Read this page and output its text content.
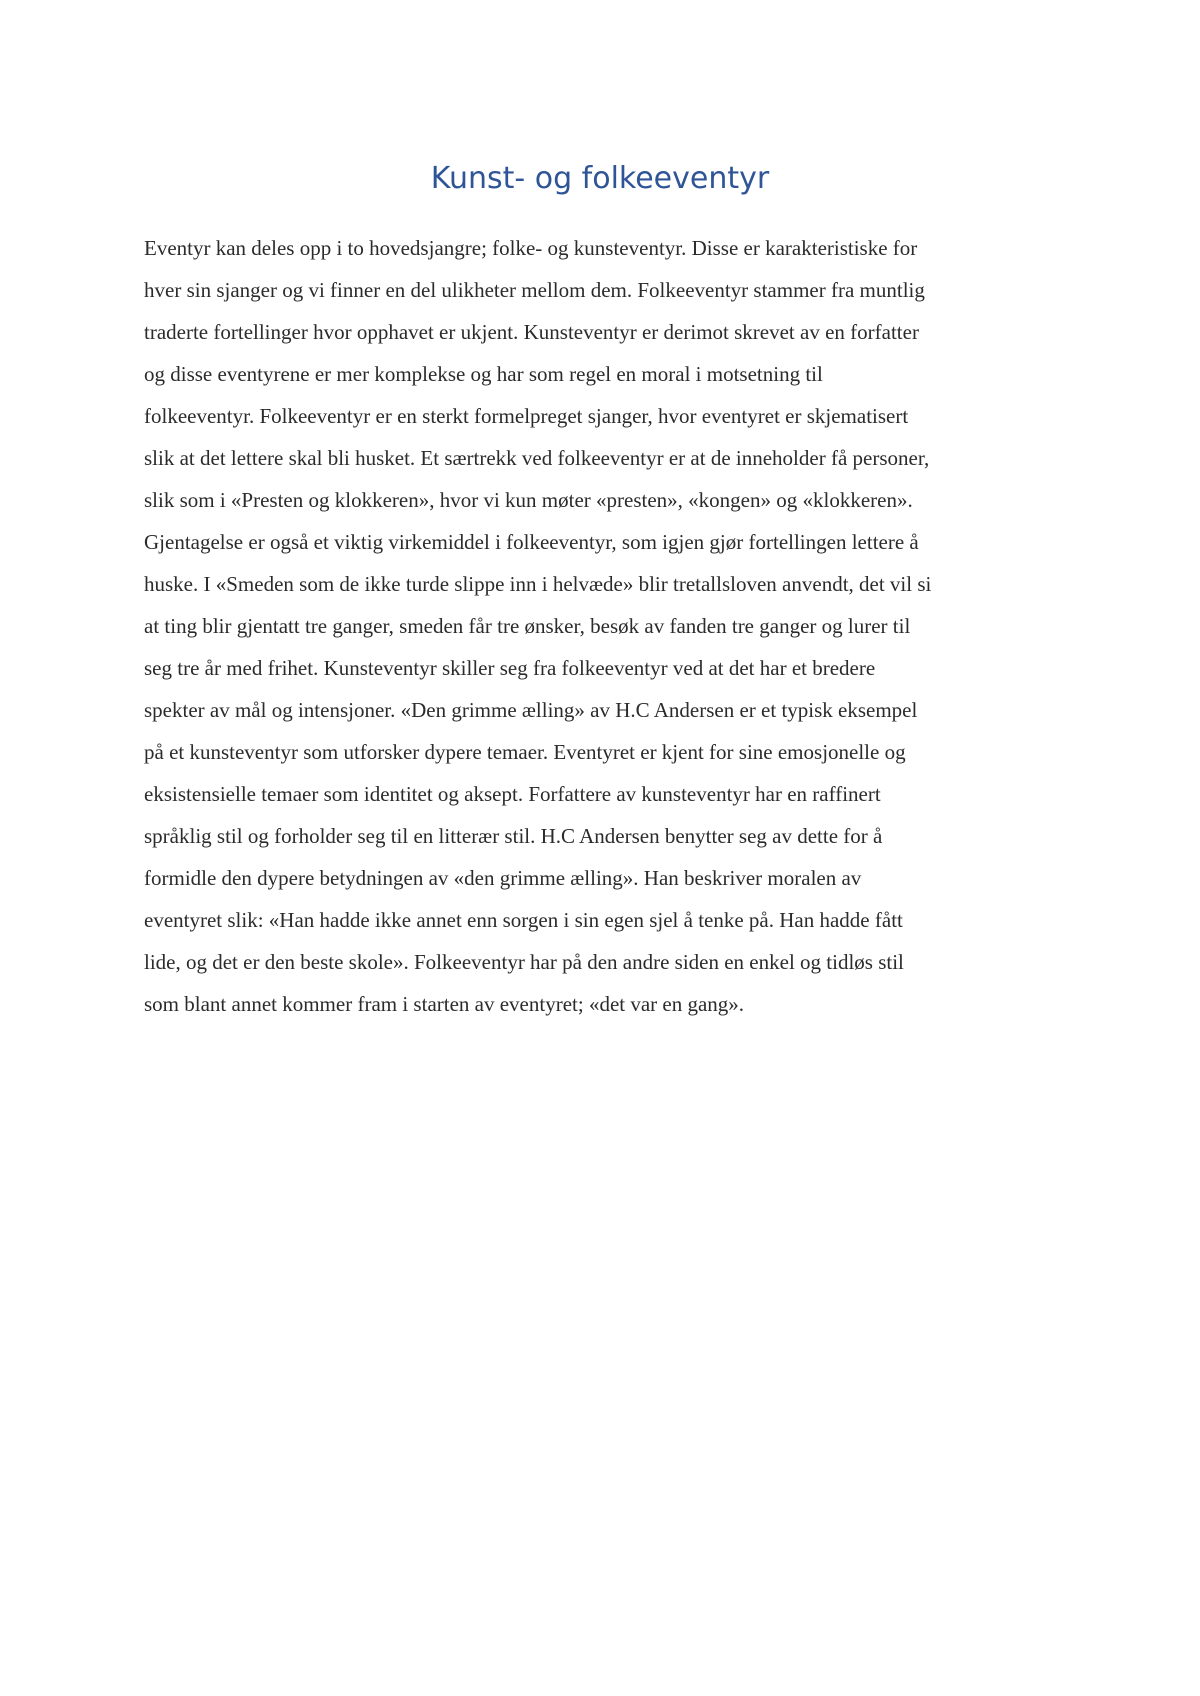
Kunst- og folkeeventyr
Eventyr kan deles opp i to hovedsjangre; folke- og kunsteventyr. Disse er karakteristiske for
hver sin sjanger og vi finner en del ulikheter mellom dem. Folkeeventyr stammer fra muntlig
traderte fortellinger hvor opphavet er ukjent. Kunsteventyr er derimot skrevet av en forfatter
og disse eventyrene er mer komplekse og har som regel en moral i motsetning til
folkeeventyr. Folkeeventyr er en sterkt formelpreget sjanger, hvor eventyret er skjematisert
slik at det lettere skal bli husket. Et særtrekk ved folkeeventyr er at de inneholder få personer,
slik som i «Presten og klokkeren», hvor vi kun møter «presten», «kongen» og «klokkeren».
Gjentagelse er også et viktig virkemiddel i folkeeventyr, som igjen gjør fortellingen lettere å
huske. I «Smeden som de ikke turde slippe inn i helvæde» blir tretallsloven anvendt, det vil si
at ting blir gjentatt tre ganger, smeden får tre ønsker, besøk av fanden tre ganger og lurer til
seg tre år med frihet. Kunsteventyr skiller seg fra folkeeventyr ved at det har et bredere
spekter av mål og intensjoner. «Den grimme ælling» av H.C Andersen er et typisk eksempel
på et kunsteventyr som utforsker dypere temaer. Eventyret er kjent for sine emosjonelle og
eksistensielle temaer som identitet og aksept. Forfattere av kunsteventyr har en raffinert
språklig stil og forholder seg til en litterær stil. H.C Andersen benytter seg av dette for å
formidle den dypere betydningen av «den grimme ælling». Han beskriver moralen av
eventyret slik: «Han hadde ikke annet enn sorgen i sin egen sjel å tenke på. Han hadde fått
lide, og det er den beste skole». Folkeeventyr har på den andre siden en enkel og tidløs stil
som blant annet kommer fram i starten av eventyret; «det var en gang».
